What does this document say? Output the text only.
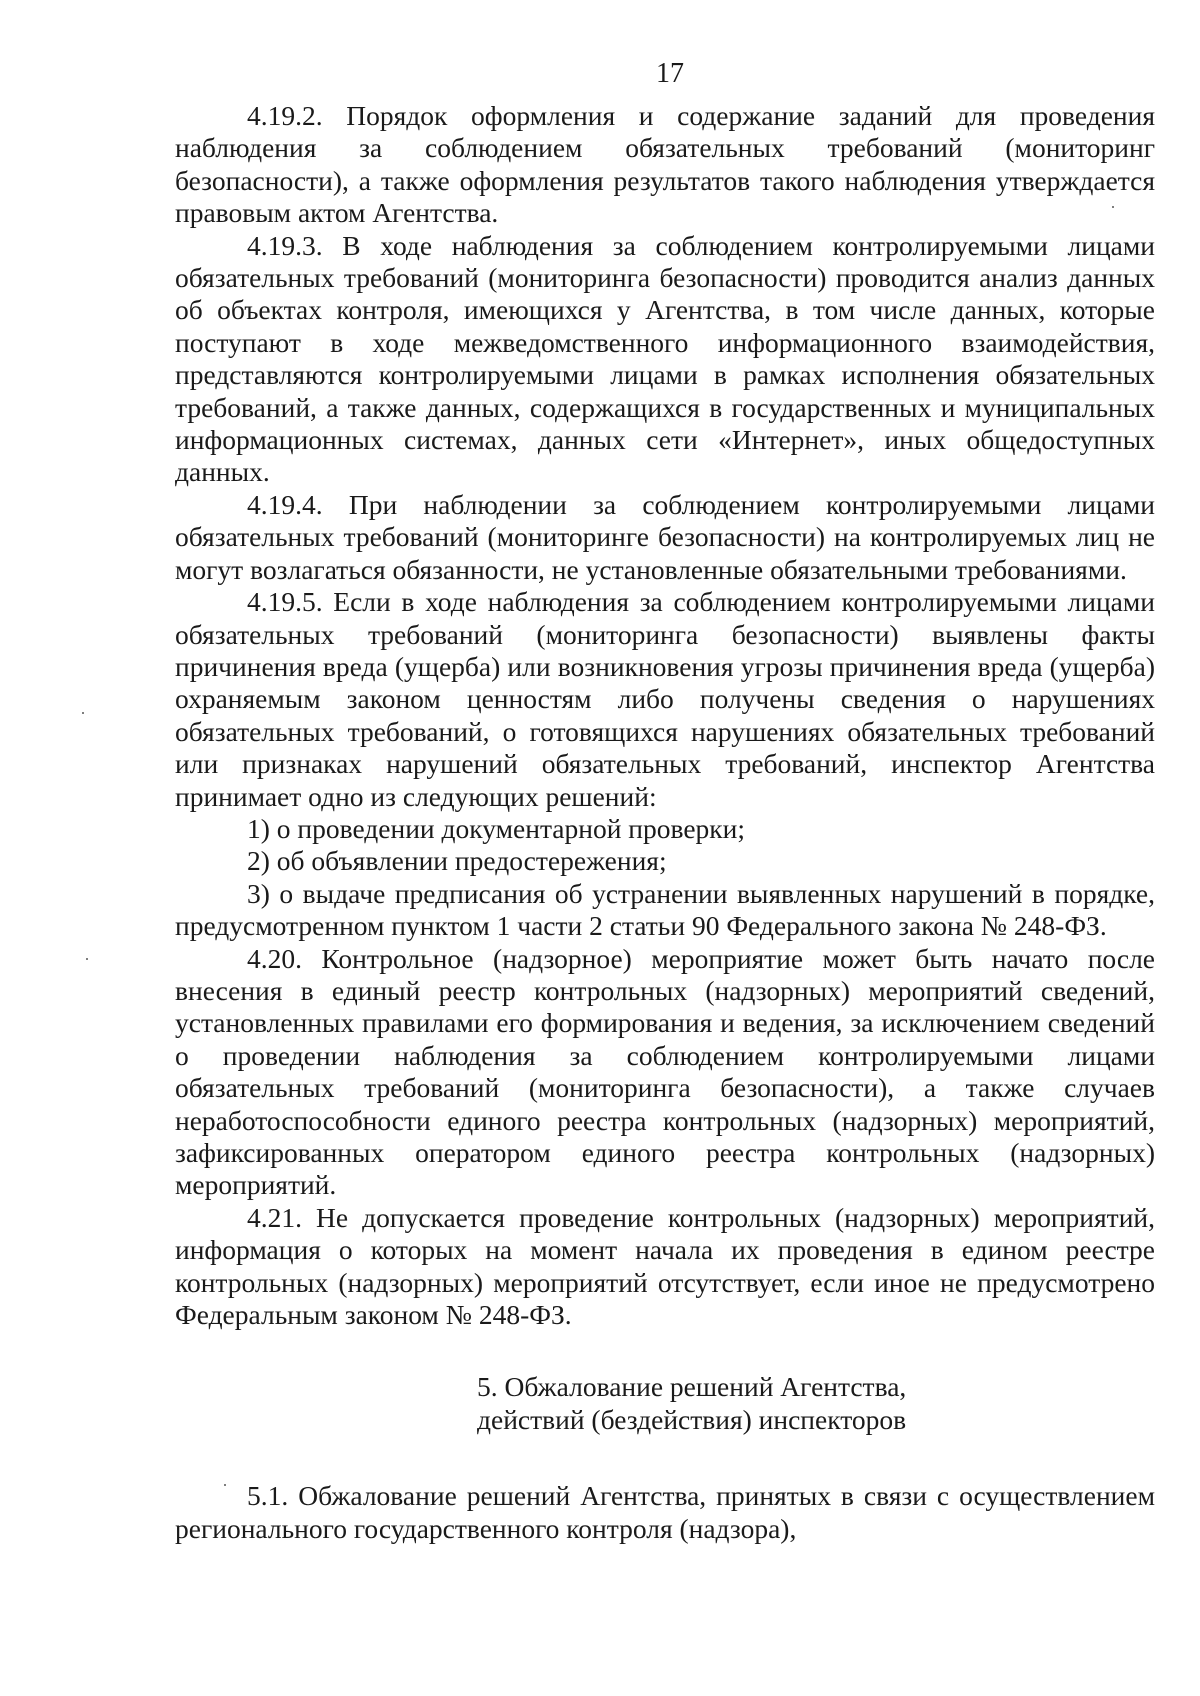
17

4.19.2. Порядок оформления и содержание заданий для проведения наблюдения за соблюдением обязательных требований (мониторинг безопасности), а также оформления результатов такого наблюдения утверждается правовым актом Агентства.

4.19.3. В ходе наблюдения за соблюдением контролируемыми лицами обязательных требований (мониторинга безопасности) проводится анализ данных об объектах контроля, имеющихся у Агентства, в том числе данных, которые поступают в ходе межведомственного информационного взаимодействия, представляются контролируемыми лицами в рамках исполнения обязательных требований, а также данных, содержащихся в государственных и муниципальных информационных системах, данных сети «Интернет», иных общедоступных данных.

4.19.4. При наблюдении за соблюдением контролируемыми лицами обязательных требований (мониторинге безопасности) на контролируемых лиц не могут возлагаться обязанности, не установленные обязательными требованиями.

4.19.5. Если в ходе наблюдения за соблюдением контролируемыми лицами обязательных требований (мониторинга безопасности) выявлены факты причинения вреда (ущерба) или возникновения угрозы причинения вреда (ущерба) охраняемым законом ценностям либо получены сведения о нарушениях обязательных требований, о готовящихся нарушениях обязательных требований или признаках нарушений обязательных требований, инспектор Агентства принимает одно из следующих решений:

1) о проведении документарной проверки;

2) об объявлении предостережения;

3) о выдаче предписания об устранении выявленных нарушений в порядке, предусмотренном пунктом 1 части 2 статьи 90 Федерального закона № 248-ФЗ.

4.20. Контрольное (надзорное) мероприятие может быть начато после внесения в единый реестр контрольных (надзорных) мероприятий сведений, установленных правилами его формирования и ведения, за исключением сведений о проведении наблюдения за соблюдением контролируемыми лицами обязательных требований (мониторинга безопасности), а также случаев неработоспособности единого реестра контрольных (надзорных) мероприятий, зафиксированных оператором единого реестра контрольных (надзорных) мероприятий.

4.21. Не допускается проведение контрольных (надзорных) мероприятий, информация о которых на момент начала их проведения в едином реестре контрольных (надзорных) мероприятий отсутствует, если иное не предусмотрено Федеральным законом № 248-ФЗ.

5. Обжалование решений Агентства,
действий (бездействия) инспекторов

5.1. Обжалование решений Агентства, принятых в связи с осуществлением регионального государственного контроля (надзора),
